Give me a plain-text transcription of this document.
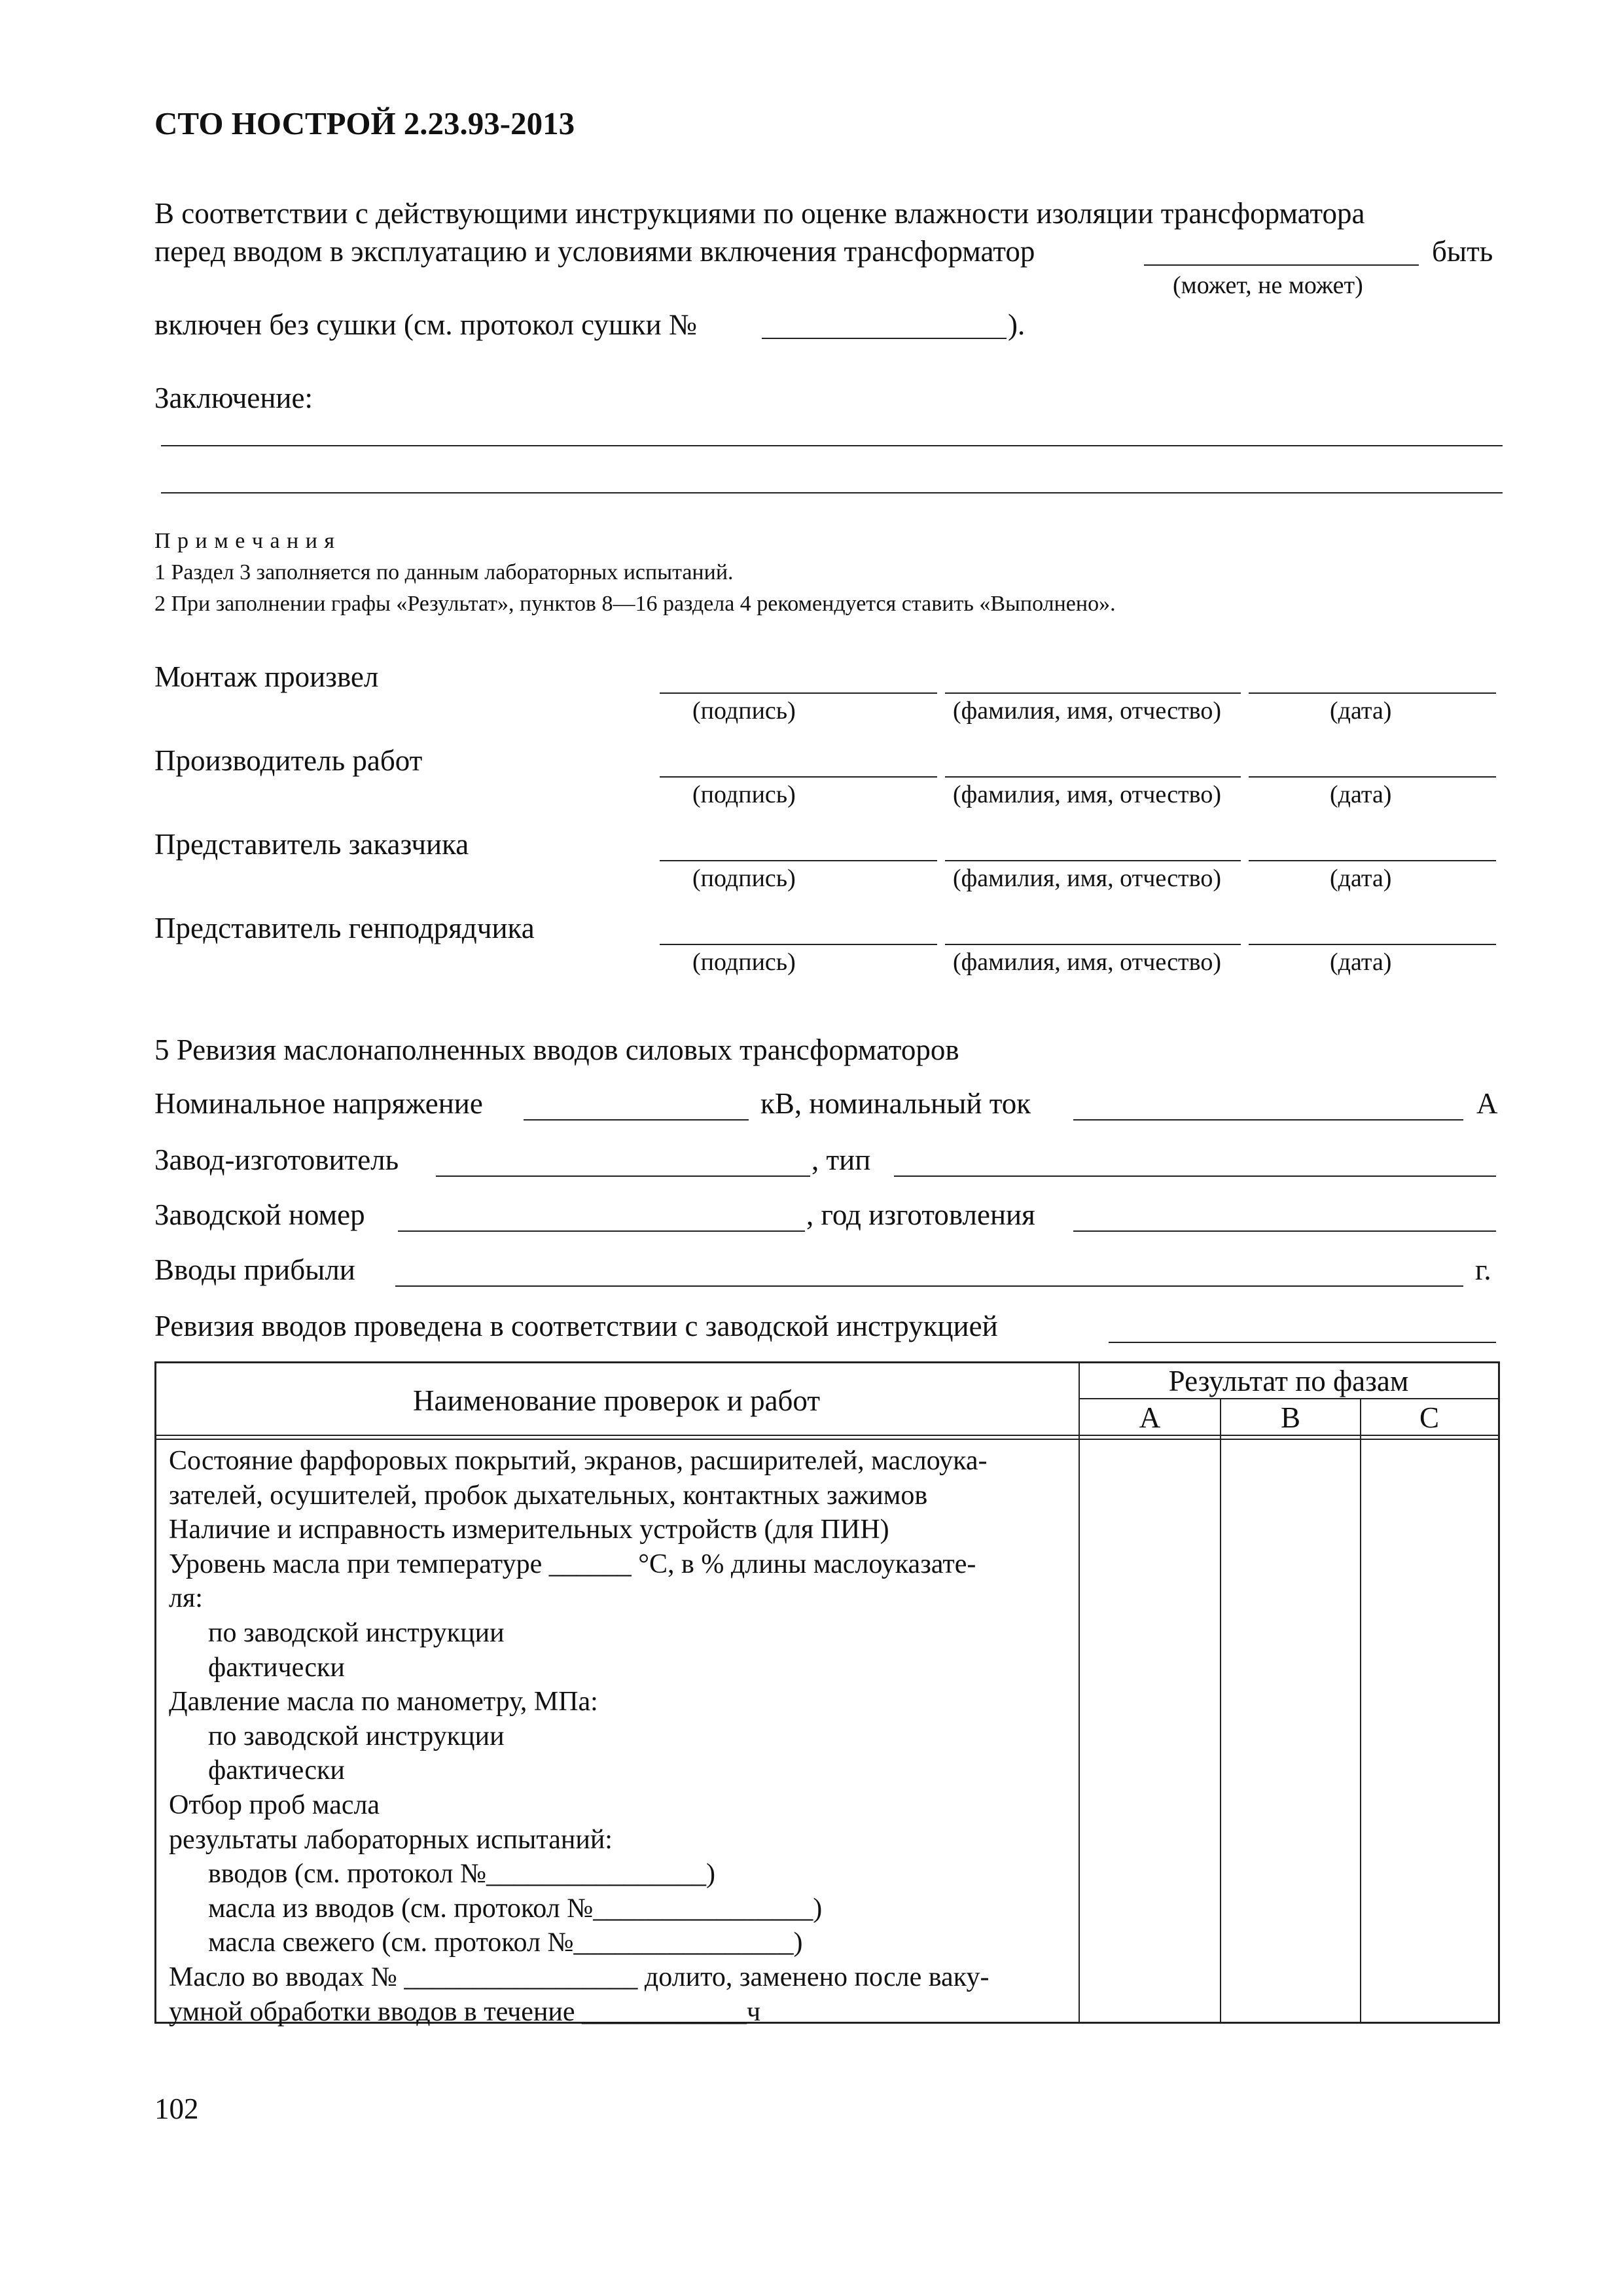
СТО НОСТРОЙ 2.23.93-2013
В соответствии с действующими инструкциями по оценке влажности изоляции трансформатора
перед вводом в эксплуатацию и условиями включения трансформатор	быть
(может, не может)
включен без сушки (см. протокол сушки №	).
Заключение:
П р и м е ч а н и я
1 Раздел 3 заполняется по данным лабораторных испытаний.
2 При заполнении графы «Результат», пунктов 8—16 раздела 4 рекомендуется ставить «Выполнено».
Монтаж произвел
(подпись)	(фамилия, имя, отчество)	(дата)
Производитель работ
(подпись)	(фамилия, имя, отчество)	(дата)
Представитель заказчика
(подпись)	(фамилия, имя, отчество)	(дата)
Представитель генподрядчика
(подпись)	(фамилия, имя, отчество)	(дата)
5 Ревизия маслонаполненных вводов силовых трансформаторов
Номинальное напряжение	кВ, номинальный ток	А
Завод-изготовитель	, тип
Заводской номер	, год изготовления
Вводы прибыли	г.
Ревизия вводов проведена в соответствии с заводской инструкцией
Наименование проверок и работ
Результат по фазам
А	В	С
Состояние фарфоровых покрытий, экранов, расширителей, маслоука-
зателей, осушителей, пробок дыхательных, контактных зажимов
Наличие и исправность измерительных устройств (для ПИН)
Уровень масла при температуре ______ °С, в % длины маслоуказате-
ля:
по заводской инструкции
фактически
Давление масла по манометру, МПа:
по заводской инструкции
фактически
Отбор проб масла
результаты лабораторных испытаний:
вводов (см. протокол №________________)
масла из вводов (см. протокол №________________)
масла свежего (см. протокол №________________)
Масло во вводах № _________________ долито, заменено после ваку-
умной обработки вводов в течение ____________ч
102
